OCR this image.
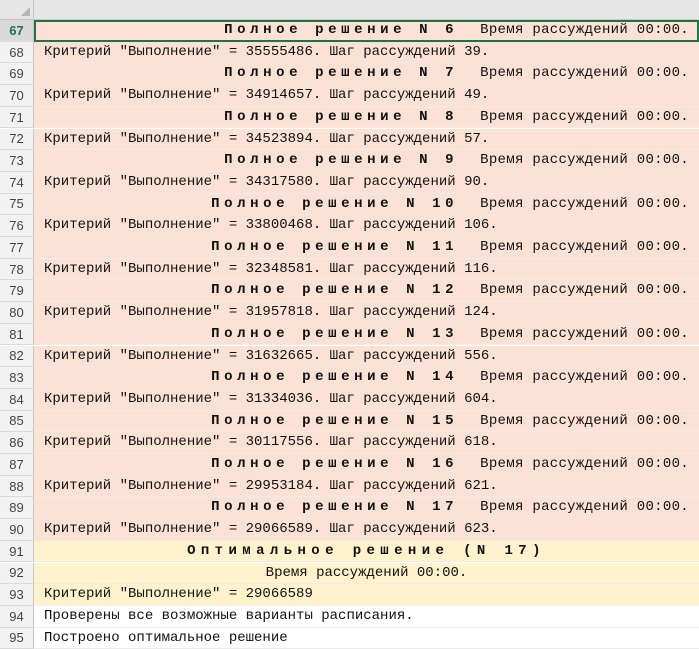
67	Полное решение N 6 Время рассуждений 00:00.
68	Критерий "Выполнение" = 35555486. Шаг рассуждений 39.
69	Полное решение N 7 Время рассуждений 00:00.
70	Критерий "Выполнение" = 34914657. Шаг рассуждений 49.
71	Полное решение N 8 Время рассуждений 00:00.
72	Критерий "Выполнение" = 34523894. Шаг рассуждений 57.
73	Полное решение N 9 Время рассуждений 00:00.
74	Критерий "Выполнение" = 34317580. Шаг рассуждений 90.
75	Полное решение N 10 Время рассуждений 00:00.
76	Критерий "Выполнение" = 33800468. Шаг рассуждений 106.
77	Полное решение N 11 Время рассуждений 00:00.
78	Критерий "Выполнение" = 32348581. Шаг рассуждений 116.
79	Полное решение N 12 Время рассуждений 00:00.
80	Критерий "Выполнение" = 31957818. Шаг рассуждений 124.
81	Полное решение N 13 Время рассуждений 00:00.
82	Критерий "Выполнение" = 31632665. Шаг рассуждений 556.
83	Полное решение N 14 Время рассуждений 00:00.
84	Критерий "Выполнение" = 31334036. Шаг рассуждений 604.
85	Полное решение N 15 Время рассуждений 00:00.
86	Критерий "Выполнение" = 30117556. Шаг рассуждений 618.
87	Полное решение N 16 Время рассуждений 00:00.
88	Критерий "Выполнение" = 29953184. Шаг рассуждений 621.
89	Полное решение N 17 Время рассуждений 00:00.
90	Критерий "Выполнение" = 29066589. Шаг рассуждений 623.
91	Оптимальное решение (N 17)
92	Время рассуждений 00:00.
93	Критерий "Выполнение" = 29066589
94	Проверены все возможные варианты расписания.
95	Построено оптимальное решение
